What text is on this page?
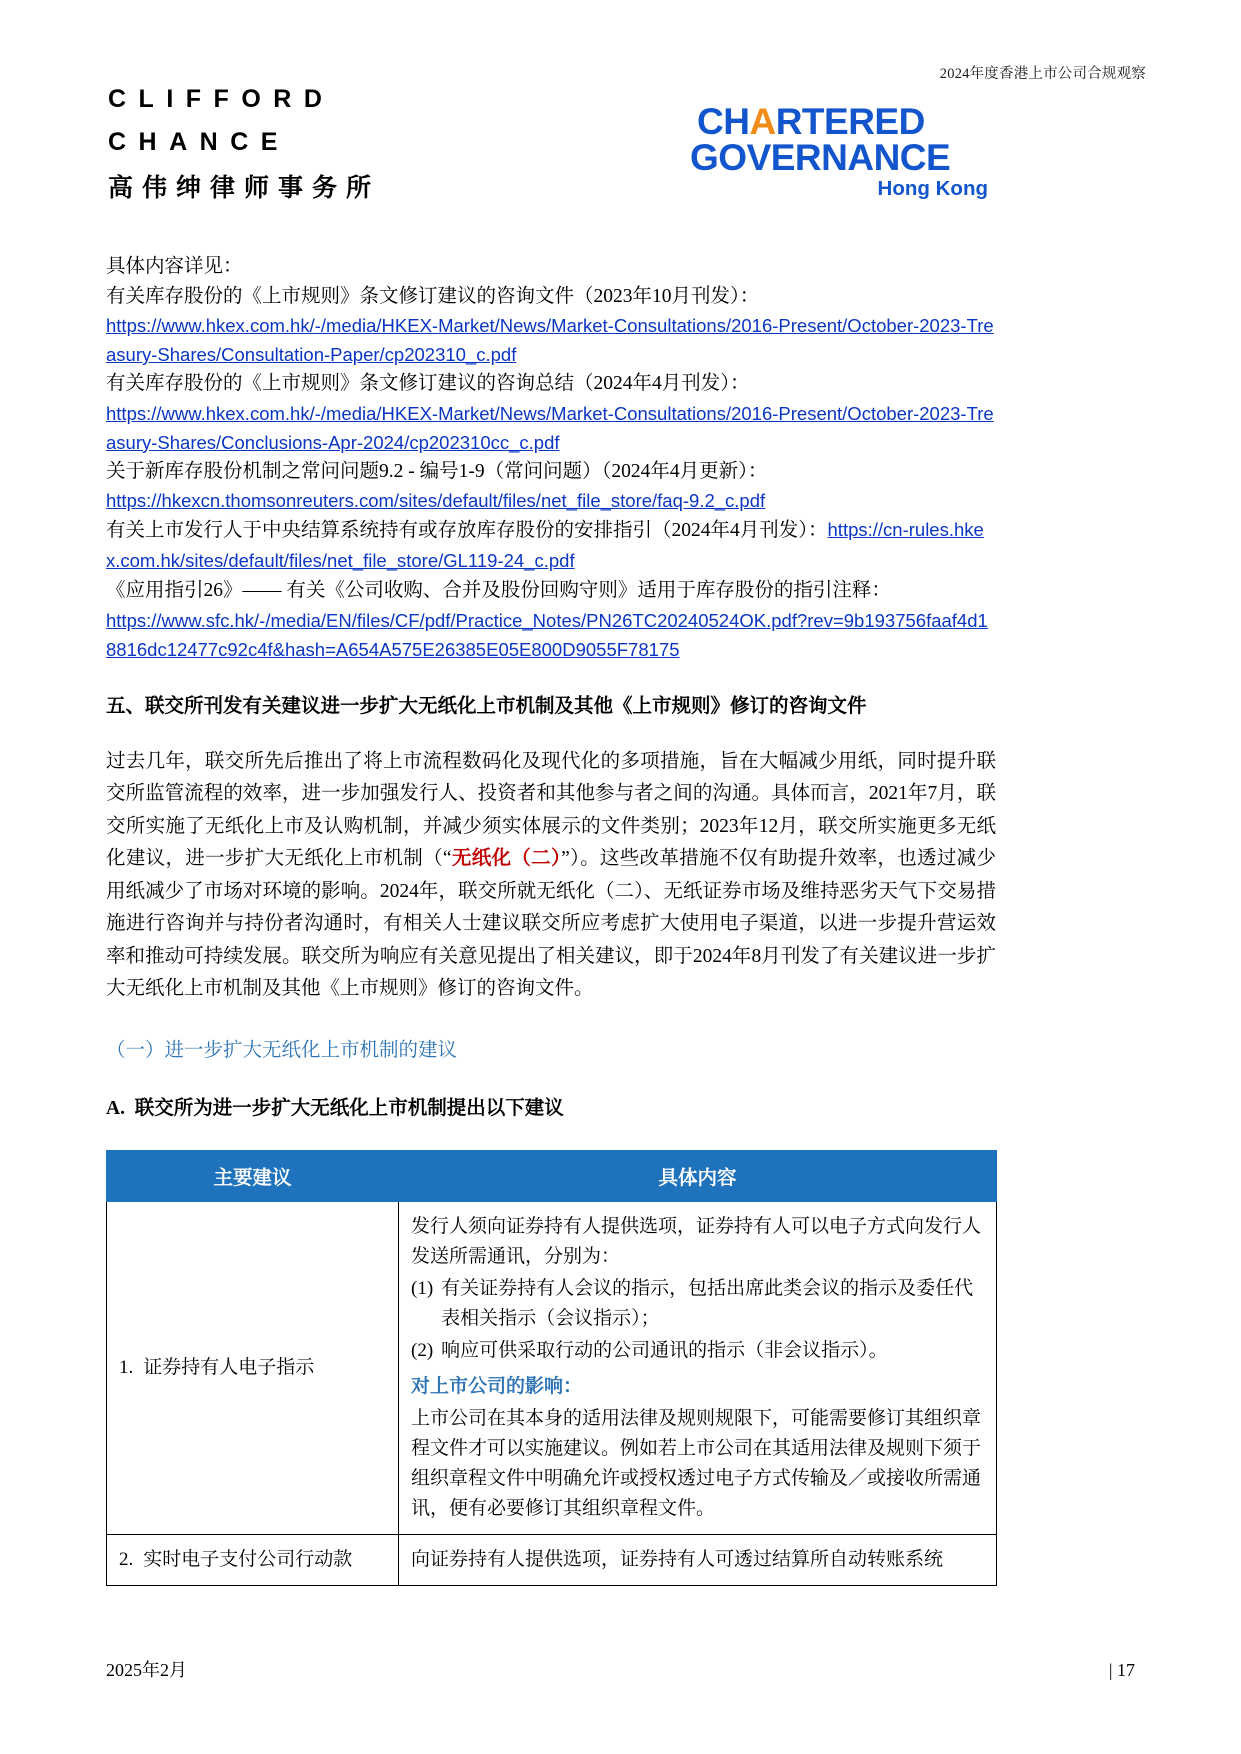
2024年度香港上市公司合规观察
CLIFFORD
CHANCE
高伟绅律师事务所
CHARTERED
GOVERNANCE
Hong Kong

具体内容详见：

有关库存股份的《上市规则》条文修订建议的咨询文件（2023年10月刊发）：

https://www.hkex.com.hk/-/media/HKEX-Market/News/Market-Consultations/2016-Present/October-2023-Treasury-Shares/Consultation-Paper/cp202310_c.pdf

有关库存股份的《上市规则》条文修订建议的咨询总结（2024年4月刊发）：

https://www.hkex.com.hk/-/media/HKEX-Market/News/Market-Consultations/2016-Present/October-2023-Treasury-Shares/Conclusions-Apr-2024/cp202310cc_c.pdf

关于新库存股份机制之常问问题9.2 - 编号1-9（常问问题）（2024年4月更新）：

https://hkexcn.thomsonreuters.com/sites/default/files/net_file_store/faq-9.2_c.pdf

有关上市发行人于中央结算系统持有或存放库存股份的安排指引（2024年4月刊发）：https://cn-rules.hkex.com.hk/sites/default/files/net_file_store/GL119-24_c.pdf

《应用指引26》—— 有关《公司收购、合并及股份回购守则》适用于库存股份的指引注释：

https://www.sfc.hk/-/media/EN/files/CF/pdf/Practice_Notes/PN26TC20240524OK.pdf?rev=9b193756faaf4d18816dc12477c92c4f&hash=A654A575E26385E05E800D9055F78175

五、联交所刊发有关建议进一步扩大无纸化上市机制及其他《上市规则》修订的咨询文件

过去几年，联交所先后推出了将上市流程数码化及现代化的多项措施，旨在大幅减少用纸，同时提升联交所监管流程的效率，进一步加强发行人、投资者和其他参与者之间的沟通。具体而言，2021年7月，联交所实施了无纸化上市及认购机制，并减少须实体展示的文件类别；2023年12月，联交所实施更多无纸化建议，进一步扩大无纸化上市机制（“无纸化（二）”）。这些改革措施不仅有助提升效率，也透过减少用纸减少了市场对环境的影响。2024年，联交所就无纸化（二）、无纸证券市场及维持恶劣天气下交易措施进行咨询并与持份者沟通时，有相关人士建议联交所应考虑扩大使用电子渠道，以进一步提升营运效率和推动可持续发展。联交所为响应有关意见提出了相关建议，即于2024年8月刊发了有关建议进一步扩大无纸化上市机制及其他《上市规则》修订的咨询文件。

（一）进一步扩大无纸化上市机制的建议
A. 联交所为进一步扩大无纸化上市机制提出以下建议
主要建议	具体内容

1. 证券持有人电子指示

发行人须向证券持有人提供选项，证券持有人可以电子方式向发行人发送所需通讯，分别为：

(1) 有关证券持有人会议的指示，包括出席此类会议的指示及委任代表相关指示（会议指示）；
(2) 响应可供采取行动的公司通讯的指示（非会议指示）。

对上市公司的影响：

上市公司在其本身的适用法律及规则规限下，可能需要修订其组织章程文件才可以实施建议。例如若上市公司在其适用法律及规则下须于组织章程文件中明确允许或授权透过电子方式传输及／或接收所需通讯，便有必要修订其组织章程文件。

2. 实时电子支付公司行动款	向证券持有人提供选项，证券持有人可透过结算所自动转账系统

2025年2月	| 17
